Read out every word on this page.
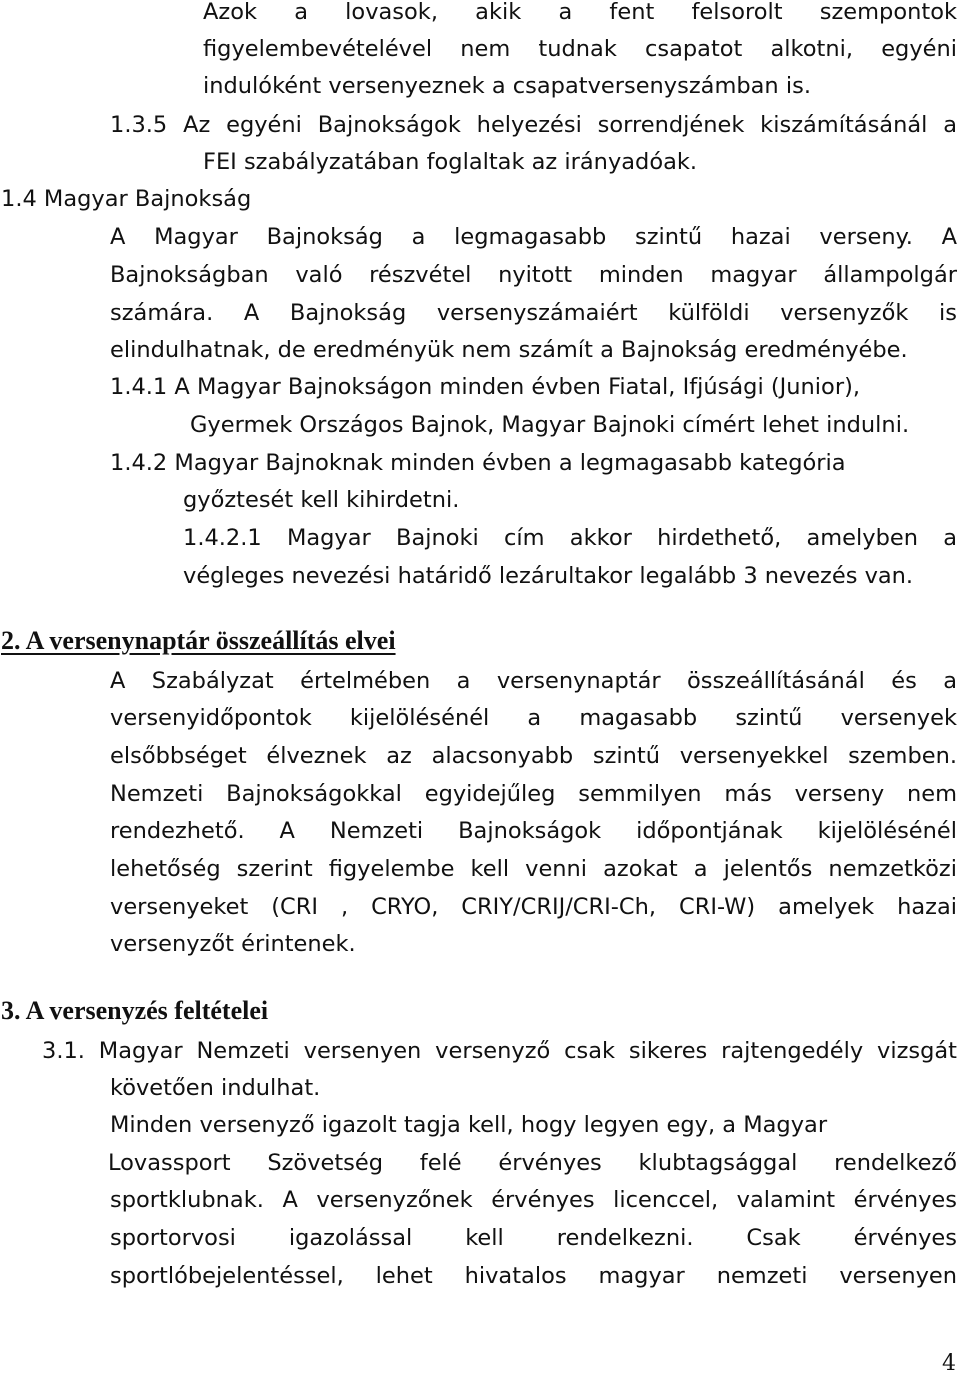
Azok a lovasok, akik a fent felsorolt szempontok
figyelembevételével nem tudnak csapatot alkotni, egyéni
indulóként versenyeznek a csapatversenyszámban is.
1.3.5 Az egyéni Bajnokságok helyezési sorrendjének kiszámításánál a
FEI szabályzatában foglaltak az irányadóak.
1.4 Magyar Bajnokság
A Magyar Bajnokság a legmagasabb szintű hazai verseny. A
Bajnokságban való részvétel nyitott minden magyar állampolgár
számára. A Bajnokság versenyszámaiért külföldi versenyzők is
elindulhatnak, de eredményük nem számít a Bajnokság eredményébe.
1.4.1 A Magyar Bajnokságon minden évben Fiatal, Ifjúsági (Junior),
Gyermek Országos Bajnok, Magyar Bajnoki címért lehet indulni.
1.4.2 Magyar Bajnoknak minden évben a legmagasabb kategória
győztesét kell kihirdetni.
1.4.2.1 Magyar Bajnoki cím akkor hirdethető, amelyben a
végleges nevezési határidő lezárultakor legalább 3 nevezés van.
2. A versenynaptár összeállítás elvei
A Szabályzat értelmében a versenynaptár összeállításánál és a
versenyidőpontok kijelölésénél a magasabb szintű versenyek
elsőbbséget élveznek az alacsonyabb szintű versenyekkel szemben.
Nemzeti Bajnokságokkal egyidejűleg semmilyen más verseny nem
rendezhető. A Nemzeti Bajnokságok időpontjának kijelölésénél
lehetőség szerint figyelembe kell venni azokat a jelentős nemzetközi
versenyeket (CRI , CRYO, CRIY/CRIJ/CRI-Ch, CRI-W) amelyek hazai
versenyzőt érintenek.
3. A versenyzés feltételei
3.1. Magyar Nemzeti versenyen versenyző csak sikeres rajtengedély vizsgát
követően indulhat.
Minden versenyző igazolt tagja kell, hogy legyen egy, a Magyar
Lovassport Szövetség felé érvényes klubtagsággal rendelkező
sportklubnak. A versenyzőnek érvényes licenccel, valamint érvényes
sportorvosi igazolással kell rendelkezni. Csak érvényes
sportlóbejelentéssel, lehet hivatalos magyar nemzeti versenyen
4
